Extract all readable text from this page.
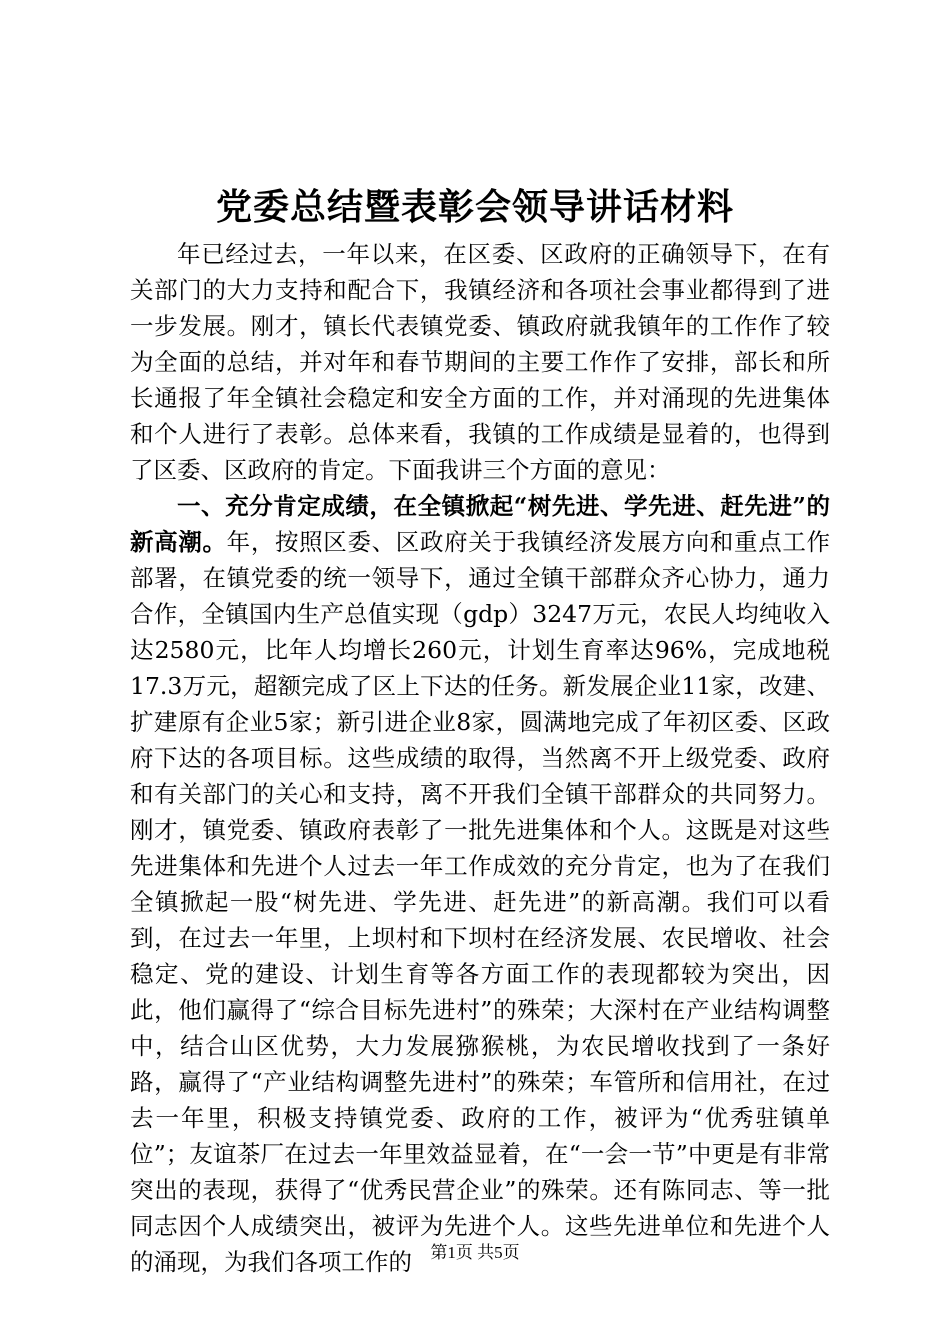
党委总结暨表彰会领导讲话材料

年已经过去，一年以来，在区委、区政府的正确领导下，在有关部门的大力支持和配合下，我镇经济和各项社会事业都得到了进一步发展。刚才，镇长代表镇党委、镇政府就我镇年的工作作了较为全面的总结，并对年和春节期间的主要工作作了安排，部长和所长通报了年全镇社会稳定和安全方面的工作，并对涌现的先进集体和个人进行了表彰。总体来看，我镇的工作成绩是显着的，也得到了区委、区政府的肯定。下面我讲三个方面的意见：

一、充分肯定成绩，在全镇掀起“树先进、学先进、赶先进”的新高潮。年，按照区委、区政府关于我镇经济发展方向和重点工作部署，在镇党委的统一领导下，通过全镇干部群众齐心协力，通力合作，全镇国内生产总值实现（gdp）3247万元，农民人均纯收入达2580元，比年人均增长260元，计划生育率达96%，完成地税17.3万元，超额完成了区上下达的任务。新发展企业11家，改建、扩建原有企业5家；新引进企业8家，圆满地完成了年初区委、区政府下达的各项目标。这些成绩的取得，当然离不开上级党委、政府和有关部门的关心和支持，离不开我们全镇干部群众的共同努力。刚才，镇党委、镇政府表彰了一批先进集体和个人。这既是对这些先进集体和先进个人过去一年工作成效的充分肯定，也为了在我们全镇掀起一股“树先进、学先进、赶先进”的新高潮。我们可以看到，在过去一年里，上坝村和下坝村在经济发展、农民增收、社会稳定、党的建设、计划生育等各方面工作的表现都较为突出，因此，他们赢得了“综合目标先进村”的殊荣；大深村在产业结构调整中，结合山区优势，大力发展猕猴桃，为农民增收找到了一条好路，赢得了“产业结构调整先进村”的殊荣；车管所和信用社，在过去一年里，积极支持镇党委、政府的工作，被评为“优秀驻镇单位”；友谊茶厂在过去一年里效益显着，在“一会一节”中更是有非常突出的表现，获得了“优秀民营企业”的殊荣。还有陈同志、等一批同志因个人成绩突出，被评为先进个人。这些先进单位和先进个人的涌现，为我们各项工作的	第1页 共5页
